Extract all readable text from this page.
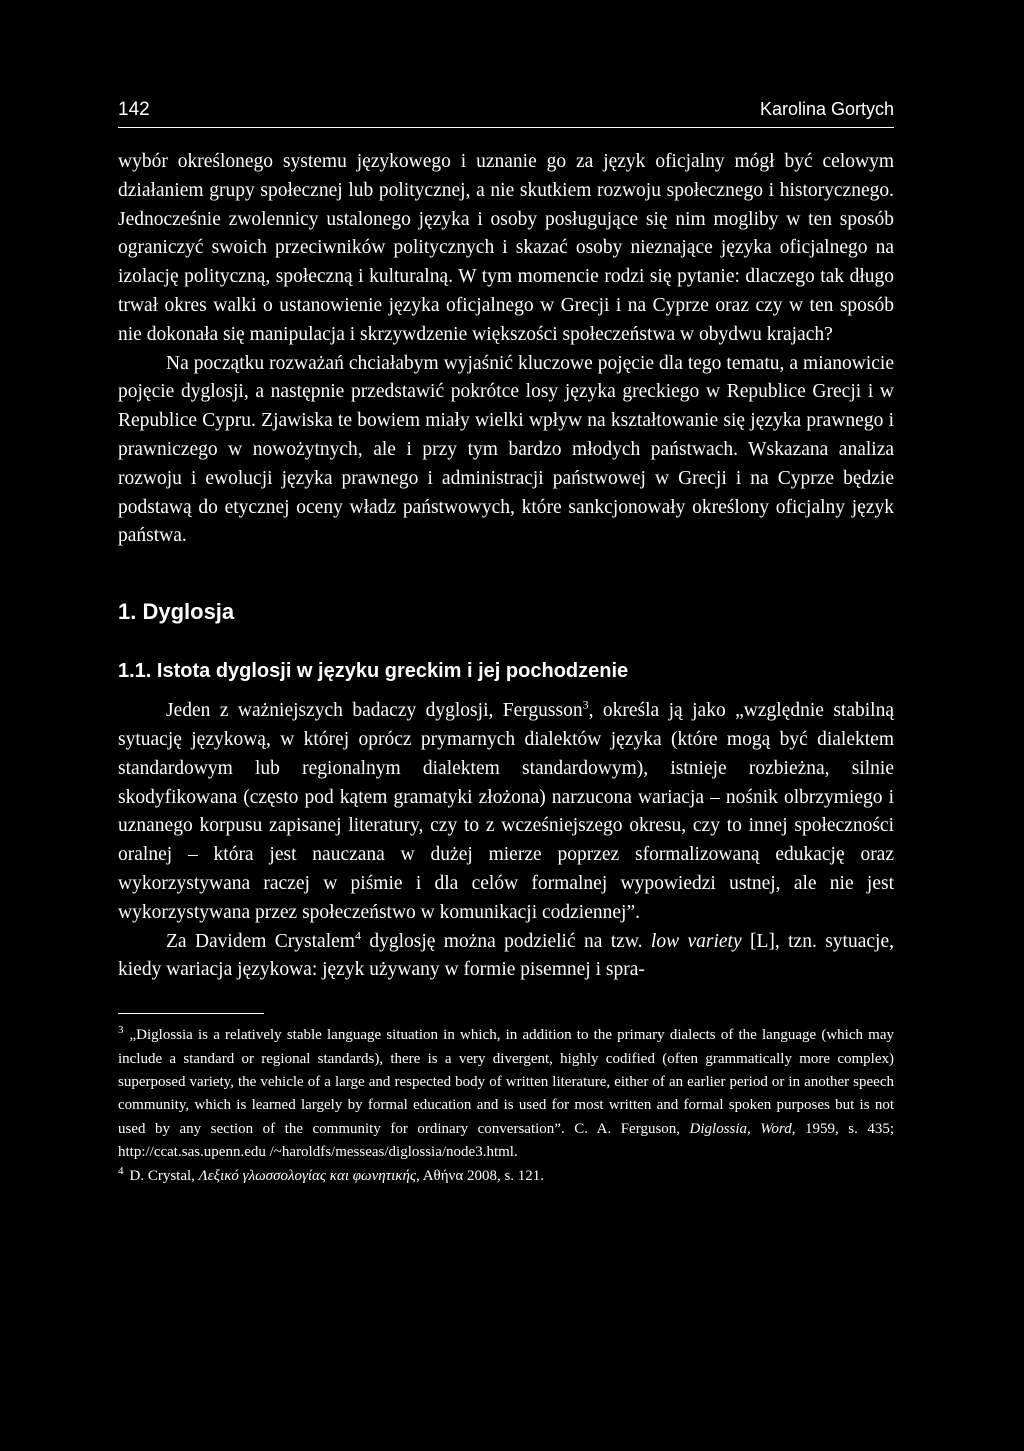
142	Karolina Gortych

wybór określonego systemu językowego i uznanie go za język oficjalny mógł być celowym działaniem grupy społecznej lub politycznej, a nie skutkiem rozwoju społecznego i historycznego. Jednocześnie zwolennicy ustalonego języka i osoby posługujące się nim mogliby w ten sposób ograniczyć swoich przeciwników politycznych i skazać osoby nieznające języka oficjalnego na izolację polityczną, społeczną i kulturalną. W tym momencie rodzi się pytanie: dlaczego tak długo trwał okres walki o ustanowienie języka oficjalnego w Grecji i na Cyprze oraz czy w ten sposób nie dokonała się manipulacja i skrzywdzenie większości społeczeństwa w obydwu krajach?

Na początku rozważań chciałabym wyjaśnić kluczowe pojęcie dla tego tematu, a mianowicie pojęcie dyglosji, a następnie przedstawić pokrótce losy języka greckiego w Republice Grecji i w Republice Cypru. Zjawiska te bowiem miały wielki wpływ na kształtowanie się języka prawnego i prawniczego w nowożytnych, ale i przy tym bardzo młodych państwach. Wskazana analiza rozwoju i ewolucji języka prawnego i administracji państwowej w Grecji i na Cyprze będzie podstawą do etycznej oceny władz państwowych, które sankcjonowały określony oficjalny język państwa.

1. Dyglosja
1.1. Istota dyglosji w języku greckim i jej pochodzenie

Jeden z ważniejszych badaczy dyglosji, Fergusson$^3$, określa ją jako „względnie stabilną sytuację językową, w której oprócz prymarnych dialektów języka (które mogą być dialektem standardowym lub regionalnym dialektem standardowym), istnieje rozbieżna, silnie skodyfikowana (często pod kątem gramatyki złożona) narzucona wariacja – nośnik olbrzymiego i uznanego korpusu zapisanej literatury, czy to z wcześniejszego okresu, czy to innej społeczności oralnej – która jest nauczana w dużej mierze poprzez sformalizowaną edukację oraz wykorzystywana raczej w piśmie i dla celów formalnej wypowiedzi ustnej, ale nie jest wykorzystywana przez społeczeństwo w komunikacji codziennej”.

Za Davidem Crystalem$^4$ dyglosję można podzielić na tzw. low variety [L], tzn. sytuacje, kiedy wariacja językowa: język używany w formie pisemnej i spra-

$^3$ „Diglossia is a relatively stable language situation in which, in addition to the primary dialects of the language (which may include a standard or regional standards), there is a very divergent, highly codified (often grammatically more complex) superposed variety, the vehicle of a large and respected body of written literature, either of an earlier period or in another speech community, which is learned largely by formal education and is used for most written and formal spoken purposes but is not used by any section of the community for ordinary conversation”. C. A. Ferguson, Diglossia, Word, 1959, s. 435; http://ccat.sas.upenn.edu /~haroldfs/messeas/diglossia/node3.html.

$^4$ D. Crystal, Λεξικό γλωσσολογίας και φωνητικής, Αθήνα 2008, s. 121.
